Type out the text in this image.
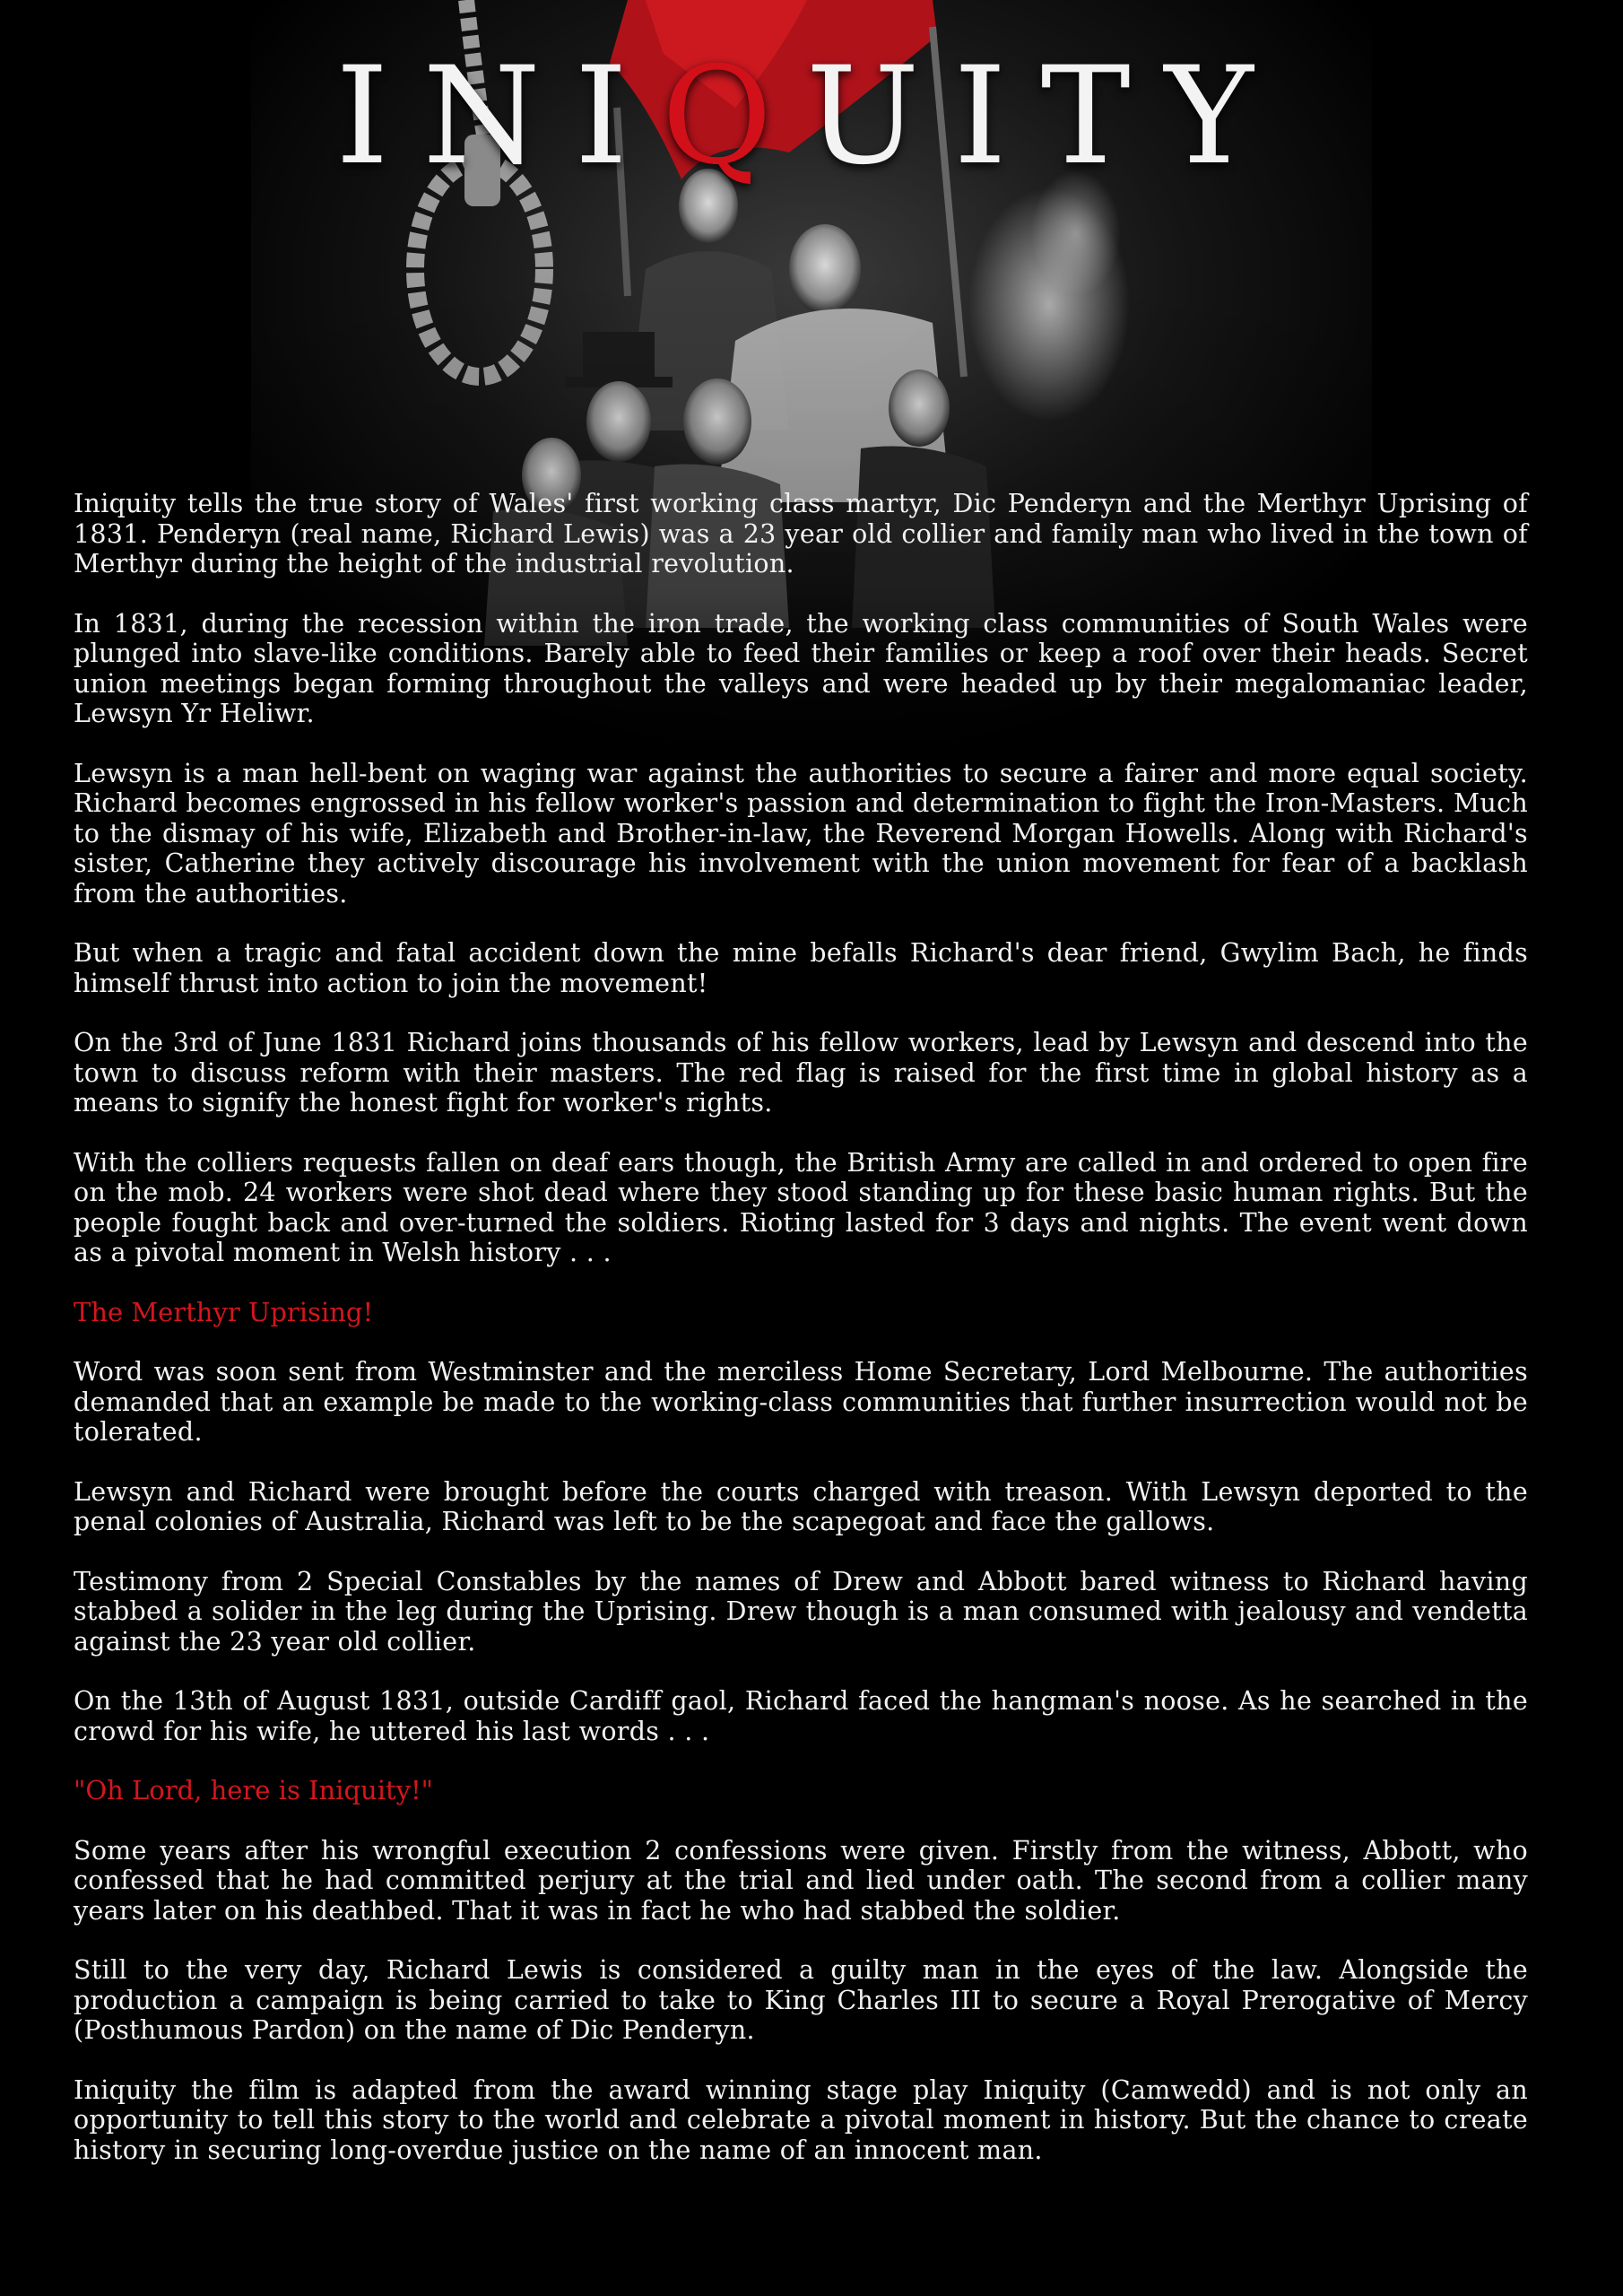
INIQUITY

Iniquity tells the true story of Wales' first working class martyr, Dic Penderyn and the Merthyr Uprising of 1831. Penderyn (real name, Richard Lewis) was a 23 year old collier and family man who lived in the town of Merthyr during the height of the industrial revolution.

In 1831, during the recession within the iron trade, the working class communities of South Wales were plunged into slave-like conditions. Barely able to feed their families or keep a roof over their heads. Secret union meetings began forming throughout the valleys and were headed up by their megalomaniac leader, Lewsyn Yr Heliwr.

Lewsyn is a man hell-bent on waging war against the authorities to secure a fairer and more equal society. Richard becomes engrossed in his fellow worker's passion and determination to fight the Iron-Masters. Much to the dismay of his wife, Elizabeth and Brother-in-law, the Reverend Morgan Howells. Along with Richard's sister, Catherine they actively discourage his involvement with the union movement for fear of a backlash from the authorities.

But when a tragic and fatal accident down the mine befalls Richard's dear friend, Gwylim Bach, he finds himself thrust into action to join the movement!

On the 3rd of June 1831 Richard joins thousands of his fellow workers, lead by Lewsyn and descend into the town to discuss reform with their masters. The red flag is raised for the first time in global history as a means to signify the honest fight for worker's rights.

With the colliers requests fallen on deaf ears though, the British Army are called in and ordered to open fire on the mob. 24 workers were shot dead where they stood standing up for these basic human rights. But the people fought back and over-turned the soldiers. Rioting lasted for 3 days and nights. The event went down as a pivotal moment in Welsh history . . .

The Merthyr Uprising!

Word was soon sent from Westminster and the merciless Home Secretary, Lord Melbourne. The authorities demanded that an example be made to the working-class communities that further insurrection would not be tolerated.

Lewsyn and Richard were brought before the courts charged with treason. With Lewsyn deported to the penal colonies of Australia, Richard was left to be the scapegoat and face the gallows.

Testimony from 2 Special Constables by the names of Drew and Abbott bared witness to Richard having stabbed a solider in the leg during the Uprising. Drew though is a man consumed with jealousy and vendetta against the 23 year old collier.

On the 13th of August 1831, outside Cardiff gaol, Richard faced the hangman's noose. As he searched in the crowd for his wife, he uttered his last words . . .

"Oh Lord, here is Iniquity!"

Some years after his wrongful execution 2 confessions were given. Firstly from the witness, Abbott, who confessed that he had committed perjury at the trial and lied under oath. The second from a collier many years later on his deathbed. That it was in fact he who had stabbed the soldier.

Still to the very day, Richard Lewis is considered a guilty man in the eyes of the law. Alongside the production a campaign is being carried to take to King Charles III to secure a Royal Prerogative of Mercy (Posthumous Pardon) on the name of Dic Penderyn.

Iniquity the film is adapted from the award winning stage play Iniquity (Camwedd) and is not only an opportunity to tell this story to the world and celebrate a pivotal moment in history. But the chance to create history in securing long-overdue justice on the name of an innocent man.
